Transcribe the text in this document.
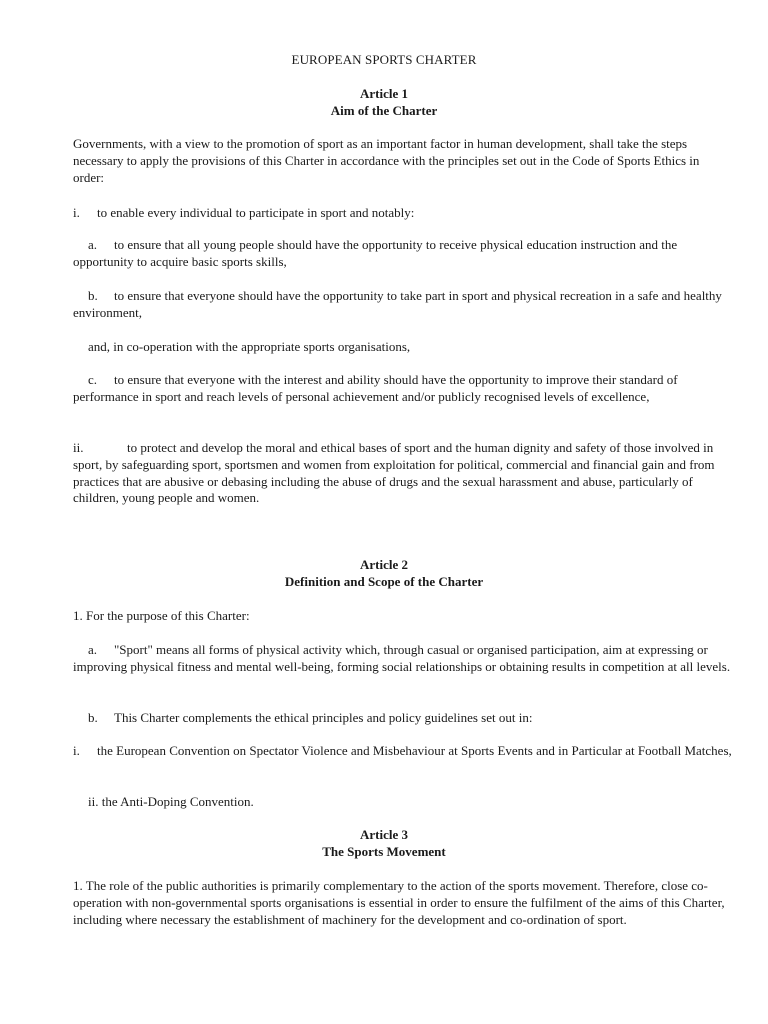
EUROPEAN SPORTS CHARTER
Article 1
Aim of the Charter

Governments, with a view to the promotion of sport as an important factor in human development, shall take the steps necessary to apply the provisions of this Charter in accordance with the principles set out in the Code of Sports Ethics in order:

i. to enable every individual to participate in sport and notably:

a. to ensure that all young people should have the opportunity to receive physical education instruction and the opportunity to acquire basic sports skills,

b. to ensure that everyone should have the opportunity to take part in sport and physical recreation in a safe and healthy environment,

and, in co-operation with the appropriate sports organisations,

c. to ensure that everyone with the interest and ability should have the opportunity to improve their standard of performance in sport and reach levels of personal achievement and/or publicly recognised levels of excellence,

ii.	to protect and develop the moral and ethical bases of sport and the human dignity and safety of those involved in sport, by safeguarding sport, sportsmen and women from exploitation for political, commercial and financial gain and from practices that are abusive or debasing including the abuse of drugs and the sexual harassment and abuse, particularly of children, young people and women.

Article 2
Definition and Scope of the Charter

1. For the purpose of this Charter:

a. "Sport" means all forms of physical activity which, through casual or organised participation, aim at expressing or improving physical fitness and mental well-being, forming social relationships or obtaining results in competition at all levels.

b. This Charter complements the ethical principles and policy guidelines set out in:

i. the European Convention on Spectator Violence and Misbehaviour at Sports Events and in Particular at Football Matches,

ii. the Anti-Doping Convention.

Article 3
The Sports Movement

1. The role of the public authorities is primarily complementary to the action of the sports movement. Therefore, close co-operation with non-governmental sports organisations is essential in order to ensure the fulfilment of the aims of this Charter, including where necessary the establishment of machinery for the development and co-ordination of sport.
